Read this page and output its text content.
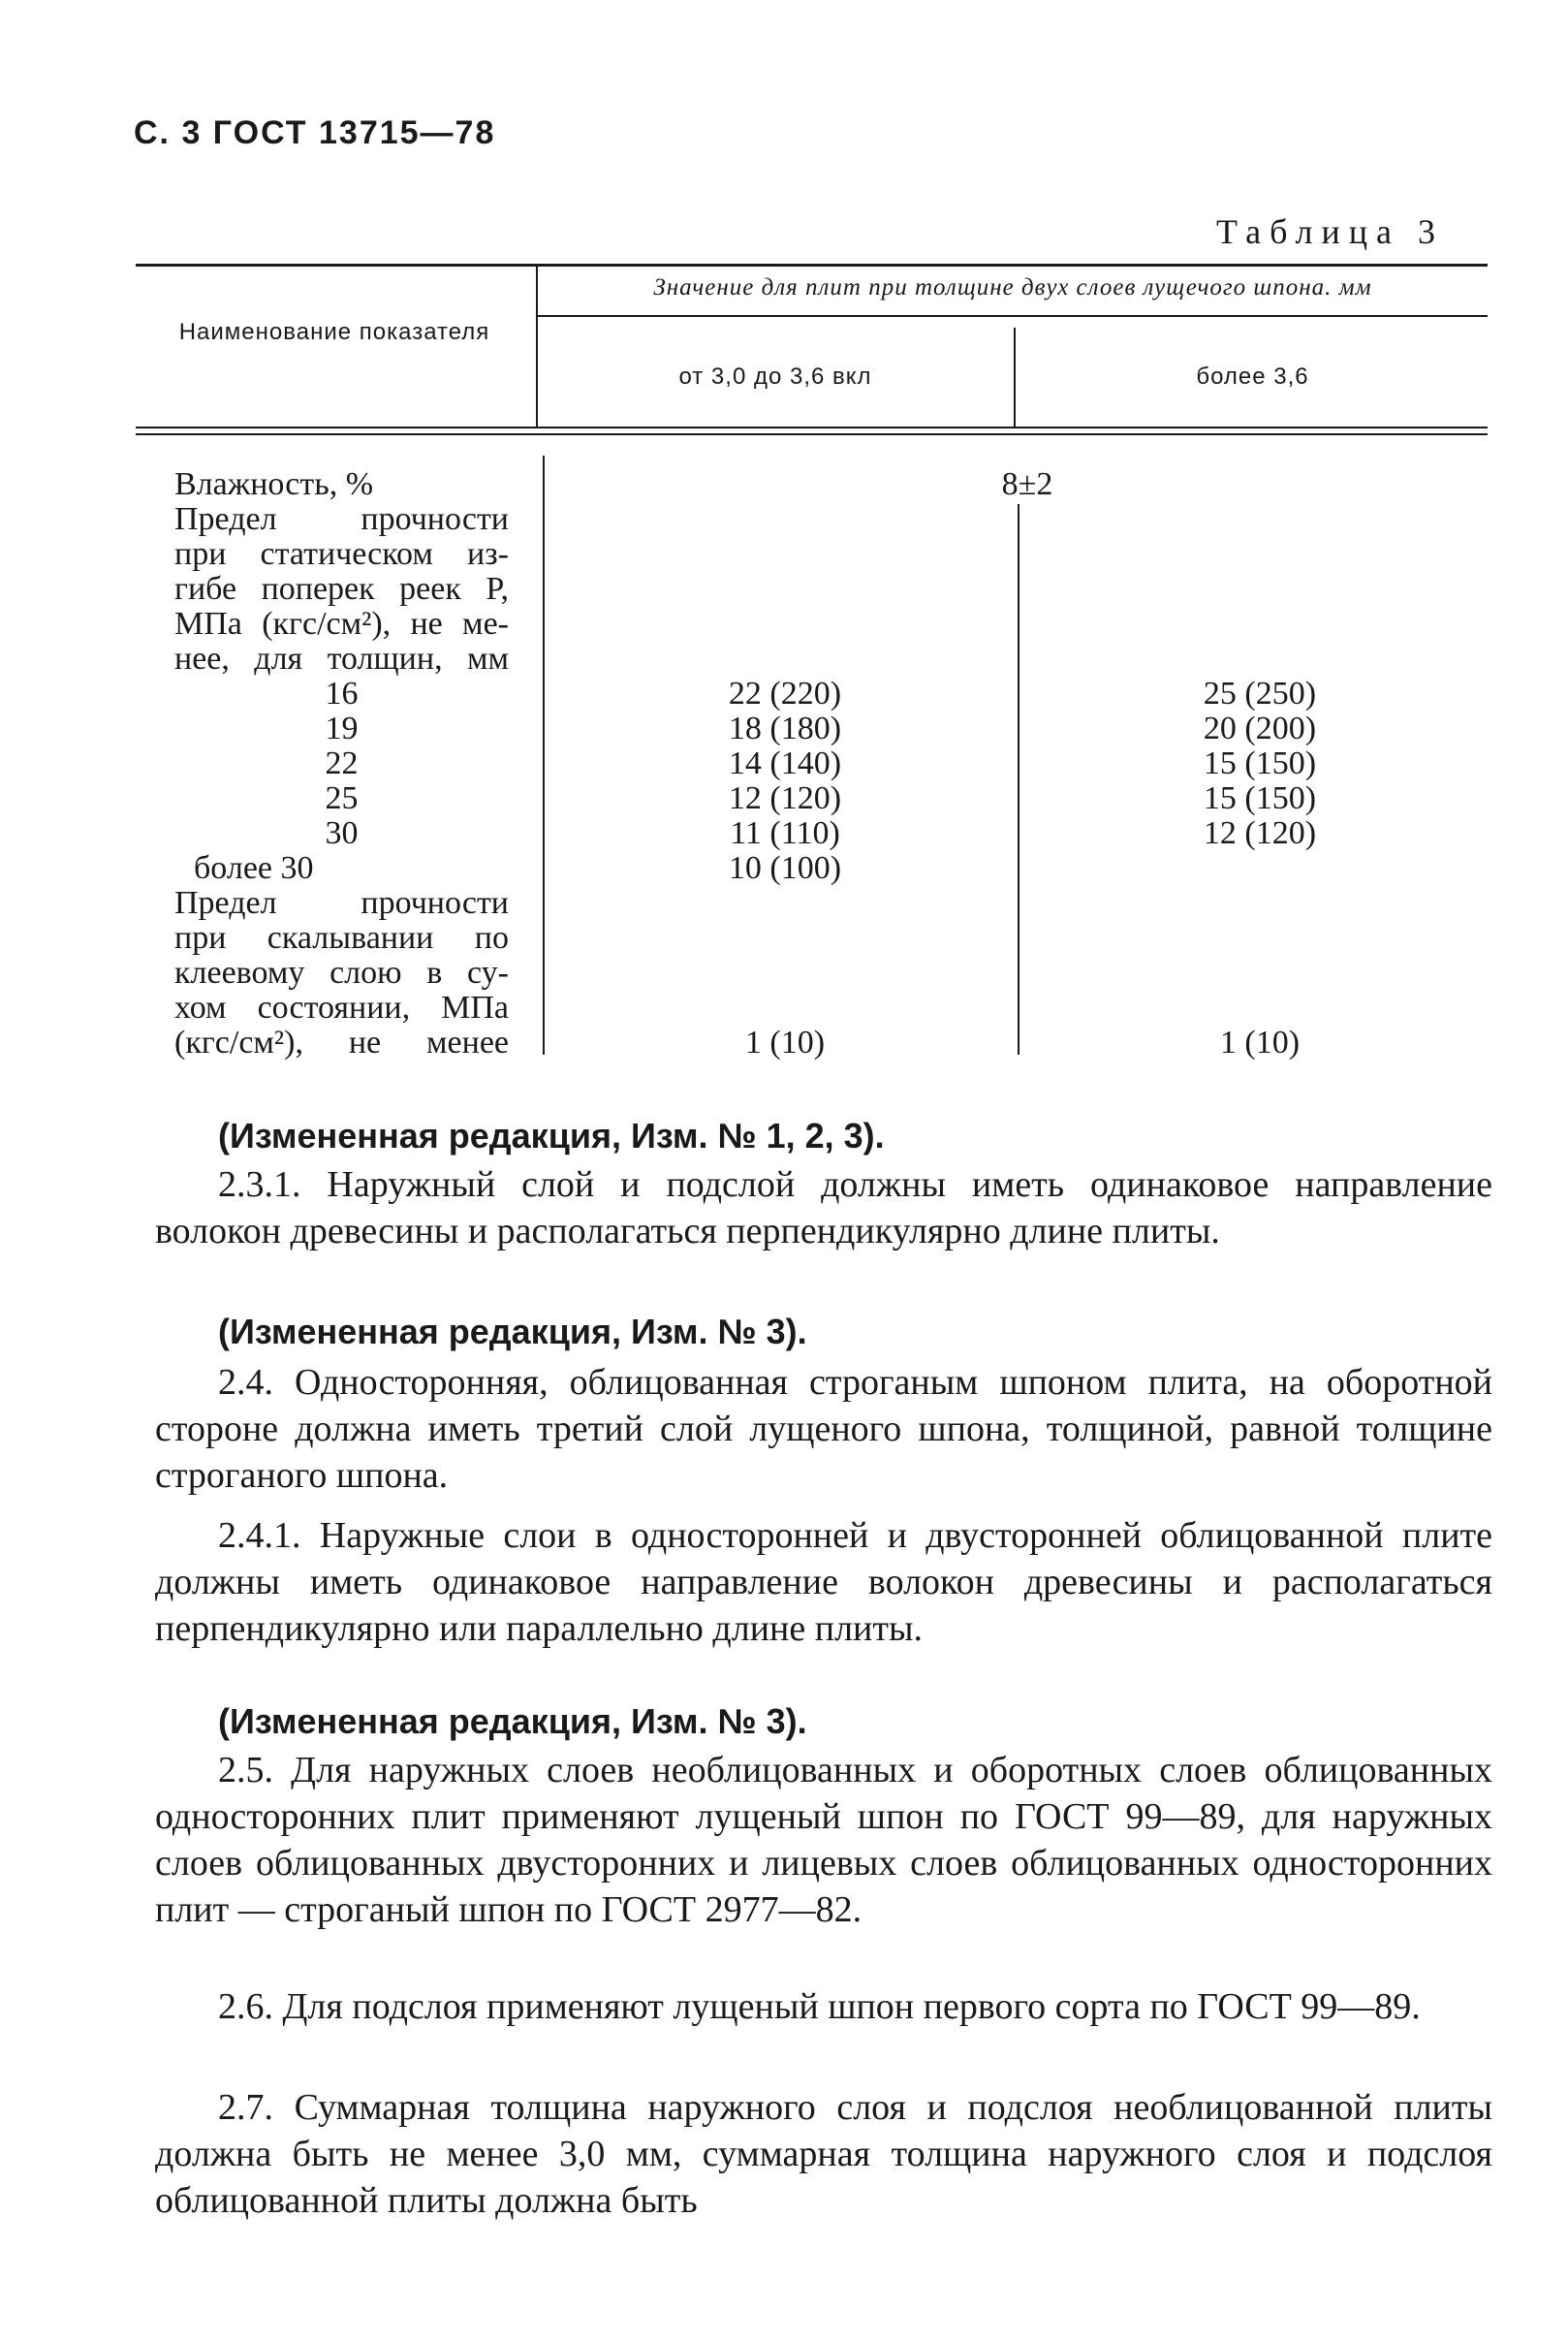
С. 3 ГОСТ 13715—78
Таблица 3
Наименование показателя
Значение для плит при толщине двух слоев лущечого шпона. мм
от 3,0 до 3,6 вкл	более 3,6
Влажность, %	8±2
Предел прочности
при статическом из-
гибе поперек реек P,
МПа (кгс/см²), не ме-
нее, для толщин, мм
16	22 (220)	25 (250)
19	18 (180)	20 (200)
22	14 (140)	15 (150)
25	12 (120)	15 (150)
30	11 (110)	12 (120)
более 30	10 (100)
Предел прочности
при скалывании по
клеевому слою в су-
хом состоянии, МПа
(кгс/см²), не менее	1 (10)	1 (10)
(Измененная редакция, Изм. № 1, 2, 3).
2.3.1. Наружный слой и подслой должны иметь одинаковое направление волокон древесины и располагаться перпендикулярно длине плиты.
(Измененная редакция, Изм. № 3).
2.4. Односторонняя, облицованная строганым шпоном плита, на оборотной стороне должна иметь третий слой лущеного шпона, толщиной, равной толщине строганого шпона.
2.4.1. Наружные слои в односторонней и двусторонней облицованной плите должны иметь одинаковое направление волокон древесины и располагаться перпендикулярно или параллельно длине плиты.
(Измененная редакция, Изм. № 3).
2.5. Для наружных слоев необлицованных и оборотных слоев облицованных односторонних плит применяют лущеный шпон по ГОСТ 99—89, для наружных слоев облицованных двусторонних и лицевых слоев облицованных односторонних плит — строганый шпон по ГОСТ 2977—82.
2.6. Для подслоя применяют лущеный шпон первого сорта по ГОСТ 99—89.
2.7. Суммарная толщина наружного слоя и подслоя необлицованной плиты должна быть не менее 3,0 мм, суммарная толщина наружного слоя и подслоя облицованной плиты должна быть
